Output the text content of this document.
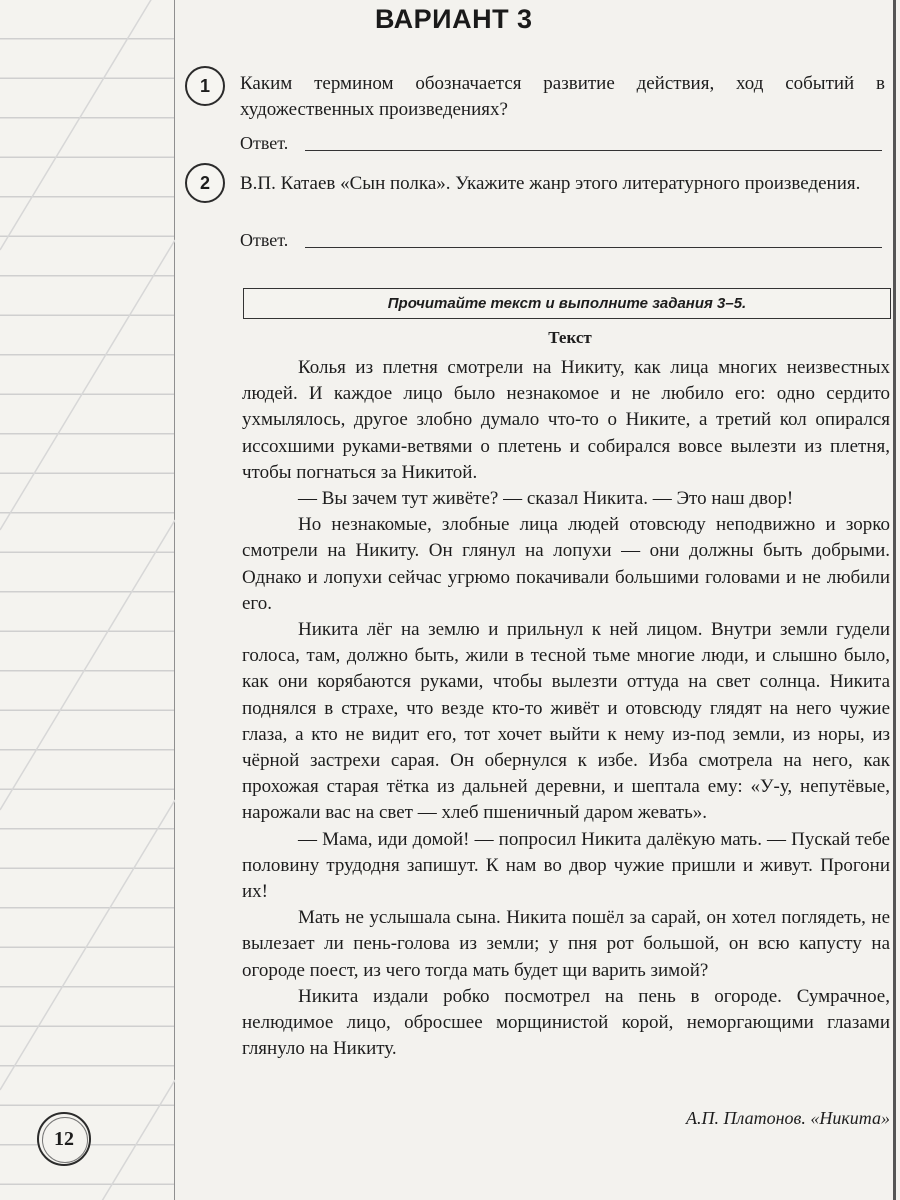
ВАРИАНТ 3
1	Каким термином обозначается развитие действия, ход событий в художественных произведениях?
Ответ.
2	В.П. Катаев «Сын полка». Укажите жанр этого литературного произведения.
Ответ.
Прочитайте текст и выполните задания 3–5.
Текст

Колья из плетня смотрели на Никиту, как лица многих неизвестных людей. И каждое лицо было незнакомое и не любило его: одно сердито ухмылялось, другое злобно думало что-то о Никите, а третий кол опирался иссохшими руками-ветвями о плетень и собирался вовсе вылезти из плетня, чтобы погнаться за Никитой.

— Вы зачем тут живёте? — сказал Никита. — Это наш двор!

Но незнакомые, злобные лица людей отовсюду неподвижно и зорко смотрели на Никиту. Он глянул на лопухи — они должны быть добрыми. Однако и лопухи сейчас угрюмо покачивали большими головами и не любили его.

Никита лёг на землю и прильнул к ней лицом. Внутри земли гудели голоса, там, должно быть, жили в тесной тьме многие люди, и слышно было, как они корябаются руками, чтобы вылезти оттуда на свет солнца. Никита поднялся в страхе, что везде кто-то живёт и отовсюду глядят на него чужие глаза, а кто не видит его, тот хочет выйти к нему из-под земли, из норы, из чёрной застрехи сарая. Он обернулся к избе. Изба смотрела на него, как прохожая старая тётка из дальней деревни, и шептала ему: «У-у, непутёвые, нарожали вас на свет — хлеб пшеничный даром жевать».

— Мама, иди домой! — попросил Никита далёкую мать. — Пускай тебе половину трудодня запишут. К нам во двор чужие пришли и живут. Прогони их!

Мать не услышала сына. Никита пошёл за сарай, он хотел поглядеть, не вылезает ли пень-голова из земли; у пня рот большой, он всю капусту на огороде поест, из чего тогда мать будет щи варить зимой?

Никита издали робко посмотрел на пень в огороде. Сумрачное, нелюдимое лицо, обросшее морщинистой корой, неморгающими глазами глянуло на Никиту.

А.П. Платонов. «Никита»
12
